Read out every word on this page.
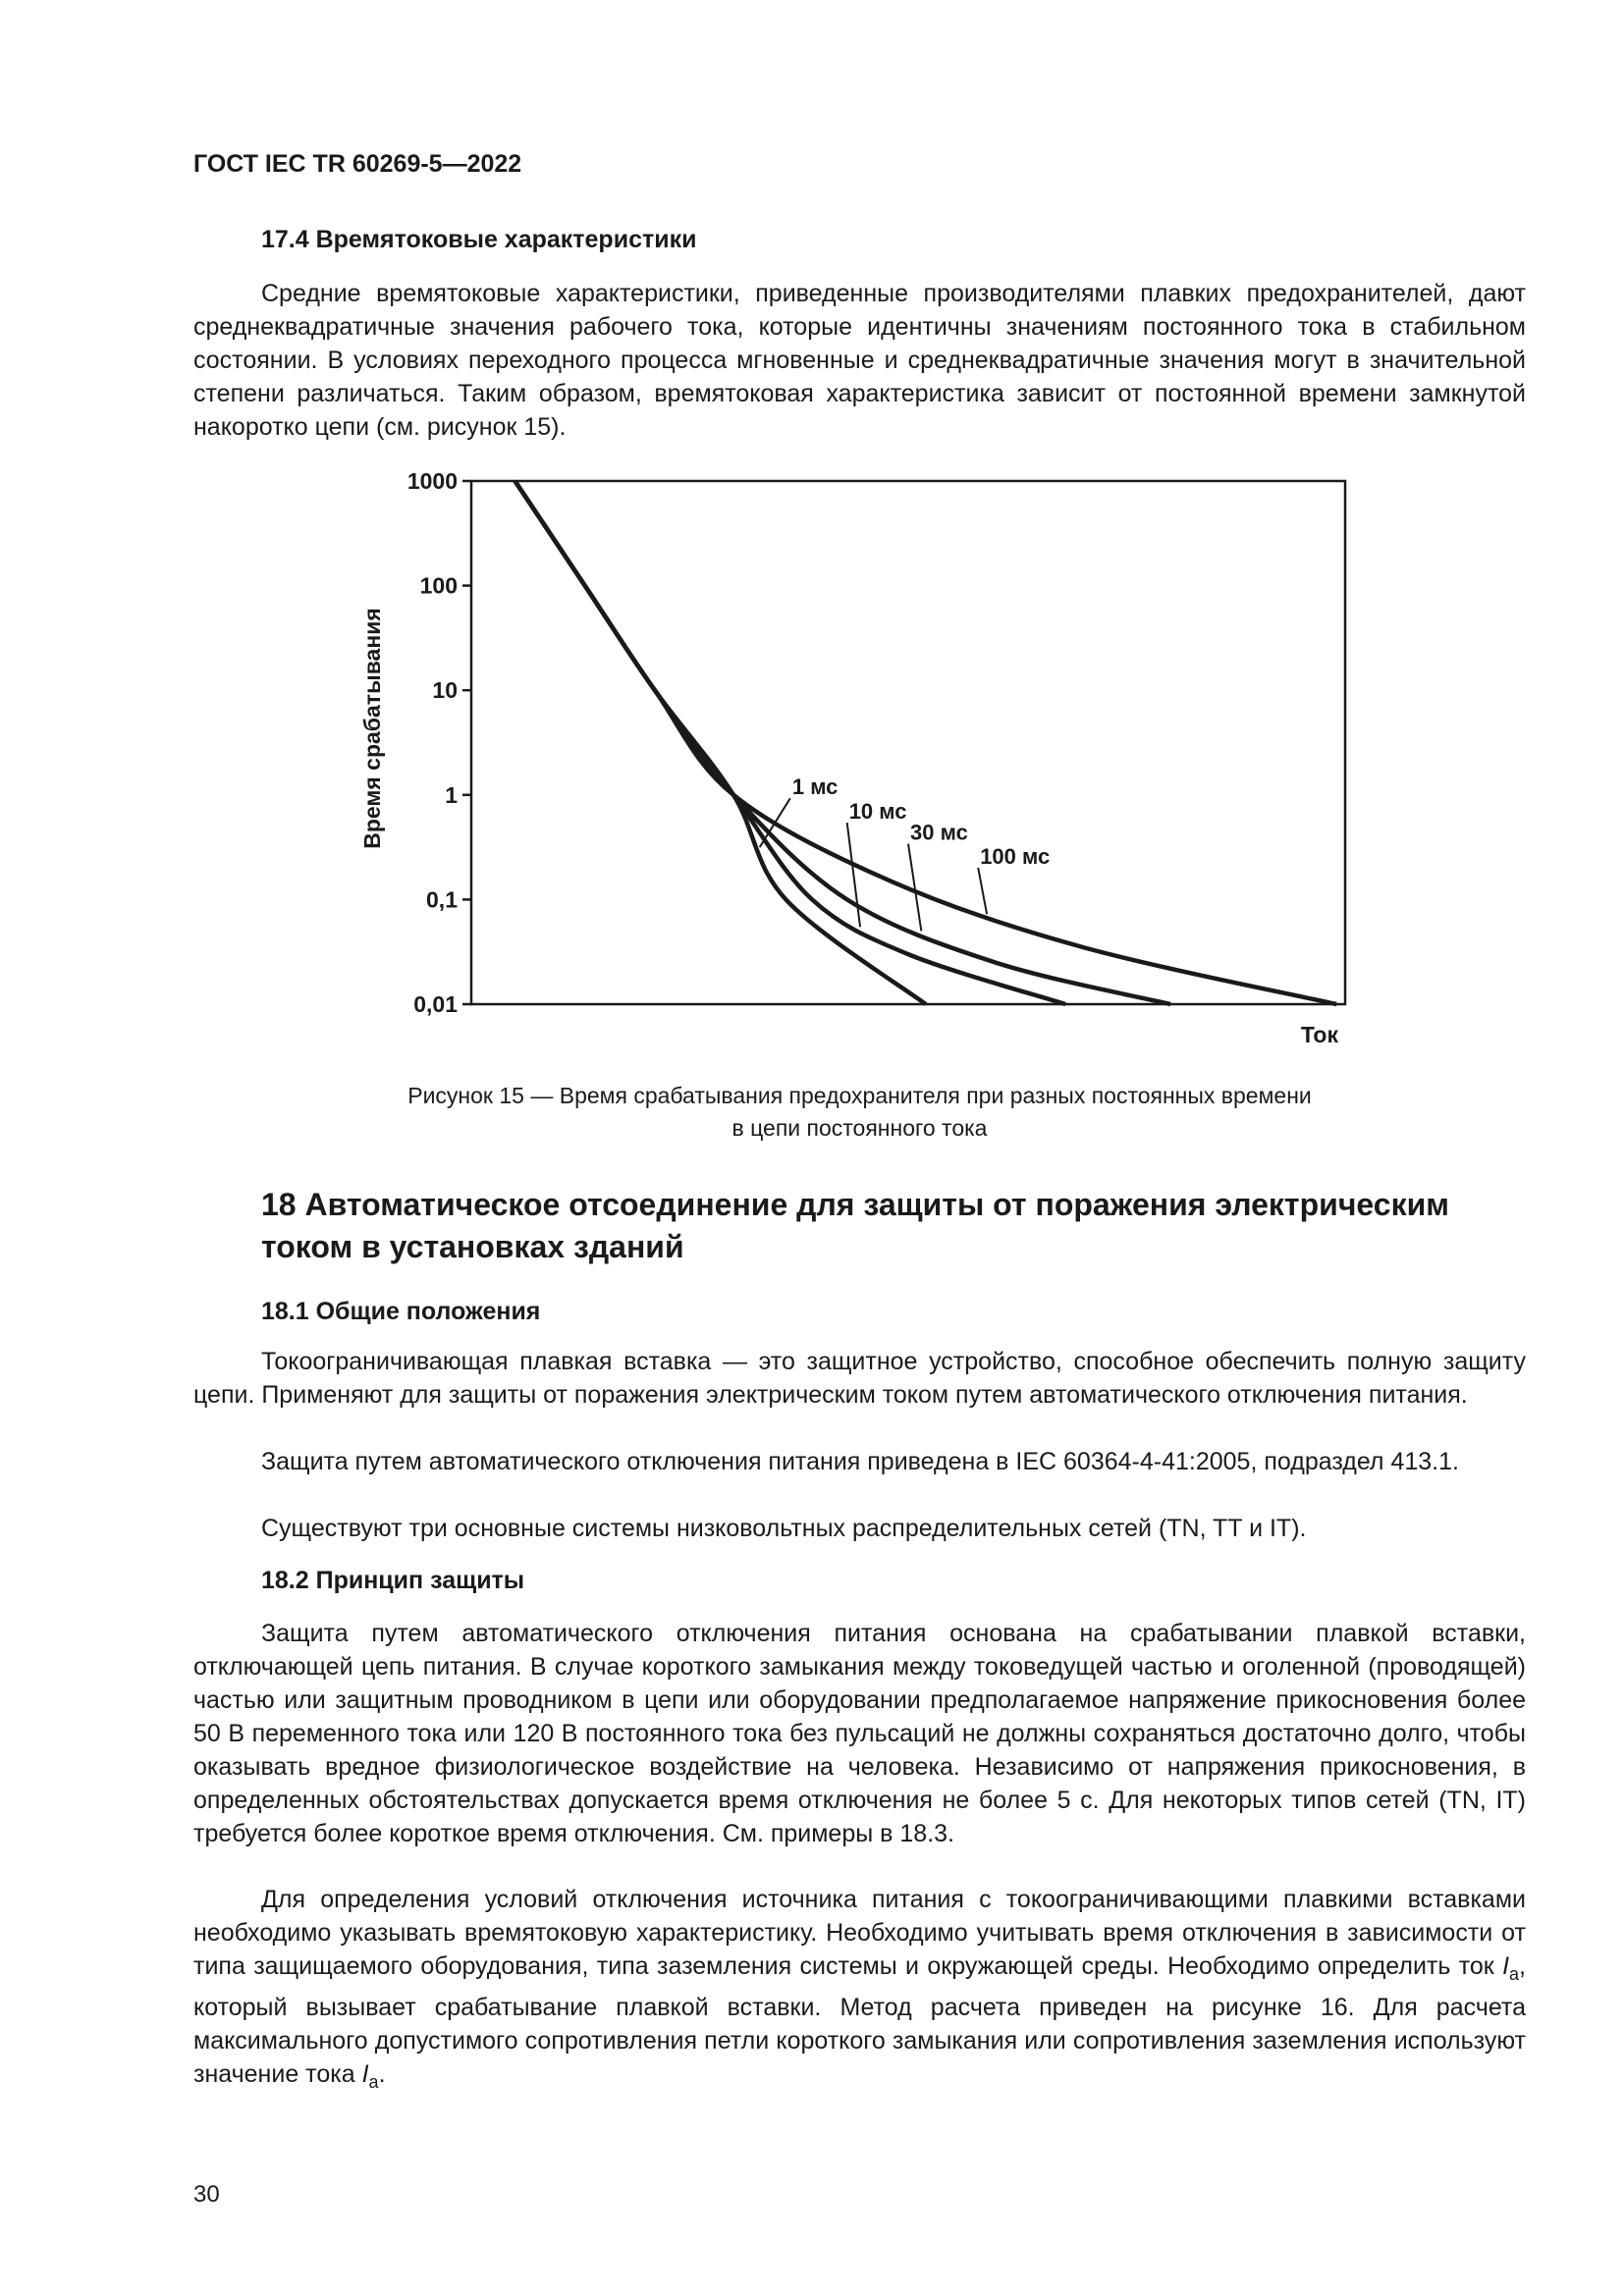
ГОСТ IEC TR 60269-5—2022
17.4 Времятоковые характеристики
Средние времятоковые характеристики, приведенные производителями плавких предохранителей, дают среднеквадратичные значения рабочего тока, которые идентичны значениям постоянного тока в стабильном состоянии. В условиях переходного процесса мгновенные и среднеквадратичные значения могут в значительной степени различаться. Таким образом, времятоковая характеристика зависит от постоянной времени замкнутой накоротко цепи (см. рисунок 15).
Время срабатывания
1000
100
10
1
0,1
0,01
1 мс
10 мс
30 мс
100 мс
Ток
Рисунок 15 — Время срабатывания предохранителя при разных постоянных времени
в цепи постоянного тока
18 Автоматическое отсоединение для защиты от поражения электрическим током в установках зданий
18.1 Общие положения
Токоограничивающая плавкая вставка — это защитное устройство, способное обеспечить полную защиту цепи. Применяют для защиты от поражения электрическим током путем автоматического отключения питания.
Защита путем автоматического отключения питания приведена в IEC 60364-4-41:2005, подраздел 413.1.
Существуют три основные системы низковольтных распределительных сетей (TN, TT и IT).
18.2 Принцип защиты
Защита путем автоматического отключения питания основана на срабатывании плавкой вставки, отключающей цепь питания. В случае короткого замыкания между токоведущей частью и оголенной (проводящей) частью или защитным проводником в цепи или оборудовании предполагаемое напряжение прикосновения более 50 В переменного тока или 120 В постоянного тока без пульсаций не должны сохраняться достаточно долго, чтобы оказывать вредное физиологическое воздействие на человека. Независимо от напряжения прикосновения, в определенных обстоятельствах допускается время отключения не более 5 с. Для некоторых типов сетей (TN, IT) требуется более короткое время отключения. См. примеры в 18.3.
Для определения условий отключения источника питания с токоограничивающими плавкими вставками необходимо указывать времятоковую характеристику. Необходимо учитывать время отключения в зависимости от типа защищаемого оборудования, типа заземления системы и окружающей среды. Необходимо определить ток $I_a$, который вызывает срабатывание плавкой вставки. Метод расчета приведен на рисунке 16. Для расчета максимального допустимого сопротивления петли короткого замыкания или сопротивления заземления используют значение тока $I_a$.
30
